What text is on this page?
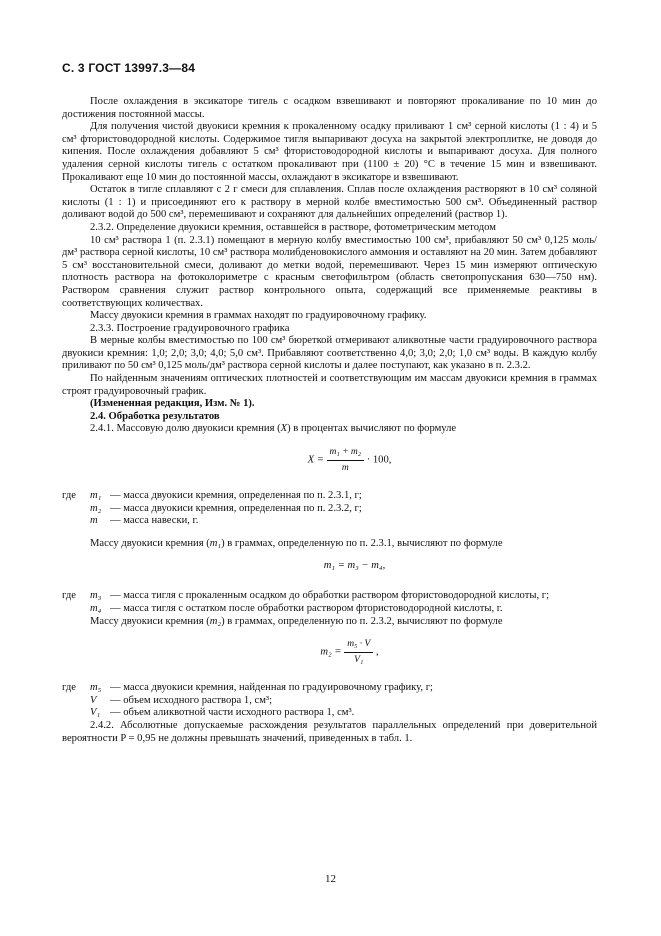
С. 3 ГОСТ 13997.3—84

После охлаждения в эксикаторе тигель с осадком взвешивают и повторяют прокаливание по 10 мин до достижения постоянной массы.

Для получения чистой двуокиси кремния к прокаленному осадку приливают 1 см³ серной кислоты (1 : 4) и 5 см³ фтористоводородной кислоты. Содержимое тигля выпаривают досуха на закрытой электроплитке, не доводя до кипения. После охлаждения добавляют 5 см³ фтористоводородной кислоты и выпаривают досуха. Для полного удаления серной кислоты тигель с остатком прокаливают при (1100 ± 20) °С в течение 15 мин и взвешивают. Прокаливают еще 10 мин до постоянной массы, охлаждают в эксикаторе и взвешивают.

Остаток в тигле сплавляют с 2 г смеси для сплавления. Сплав после охлаждения растворяют в 10 см³ соляной кислоты (1 : 1) и присоединяют его к раствору в мерной колбе вместимостью 500 см³. Объединенный раствор доливают водой до 500 см³, перемешивают и сохраняют для дальнейших определений (раствор 1).

2.3.2. Определение двуокиси кремния, оставшейся в растворе, фотометрическим методом

10 см³ раствора 1 (п. 2.3.1) помещают в мерную колбу вместимостью 100 см³, прибавляют 50 см³ 0,125 моль/дм³ раствора серной кислоты, 10 см³ раствора молибденовокислого аммония и оставляют на 20 мин. Затем добавляют 5 см³ восстановительной смеси, доливают до метки водой, перемешивают. Через 15 мин измеряют оптическую плотность раствора на фотоколориметре с красным светофильтром (область светопропускания 630—750 нм). Раствором сравнения служит раствор контрольного опыта, содержащий все применяемые реактивы в соответствующих количествах.

Массу двуокиси кремния в граммах находят по градуировочному графику.

2.3.3. Построение градуировочного графика

В мерные колбы вместимостью по 100 см³ бюреткой отмеривают аликвотные части градуировочного раствора двуокиси кремния: 1,0; 2,0; 3,0; 4,0; 5,0 см³. Прибавляют соответственно 4,0; 3,0; 2,0; 1,0 см³ воды. В каждую колбу приливают по 50 см³ 0,125 моль/дм³ раствора серной кислоты и далее поступают, как указано в п. 2.3.2.

По найденным значениям оптических плотностей и соответствующим им массам двуокиси кремния в граммах строят градуировочный график.

(Измененная редакция, Изм. № 1).

2.4. Обработка результатов

2.4.1. Массовую долю двуокиси кремния (X) в процентах вычисляют по формуле

$X = \frac{\text{m₁ + m₂}}{m} \cdot 100$,
где	m₁ — масса двуокиси кремния, определенная по п. 2.3.1, г;
m₂ — масса двуокиси кремния, определенная по п. 2.3.2, г;
m	— масса навески, г.

Массу двуокиси кремния (m₁) в граммах, определенную по п. 2.3.1, вычисляют по формуле

m₁ = m₃ − m₄,
где	m₃ — масса тигля с прокаленным осадком до обработки раствором фтористоводородной кислоты, г;
m₄ — масса тигля с остатком после обработки раствором фтористоводородной кислоты, г.

Массу двуокиси кремния (m₂) в граммах, определенную по п. 2.3.2, вычисляют по формуле

$m_2 = \frac{\text{m₅ · V}}{\text{V₁}}$ ,
где	m₅ — масса двуокиси кремния, найденная по градуировочному графику, г;
V	— объем исходного раствора 1, см³;
V₁ — объем аликвотной части исходного раствора 1, см³.

2.4.2. Абсолютные допускаемые расхождения результатов параллельных определений при доверительной вероятности P = 0,95 не должны превышать значений, приведенных в табл. 1.

12
